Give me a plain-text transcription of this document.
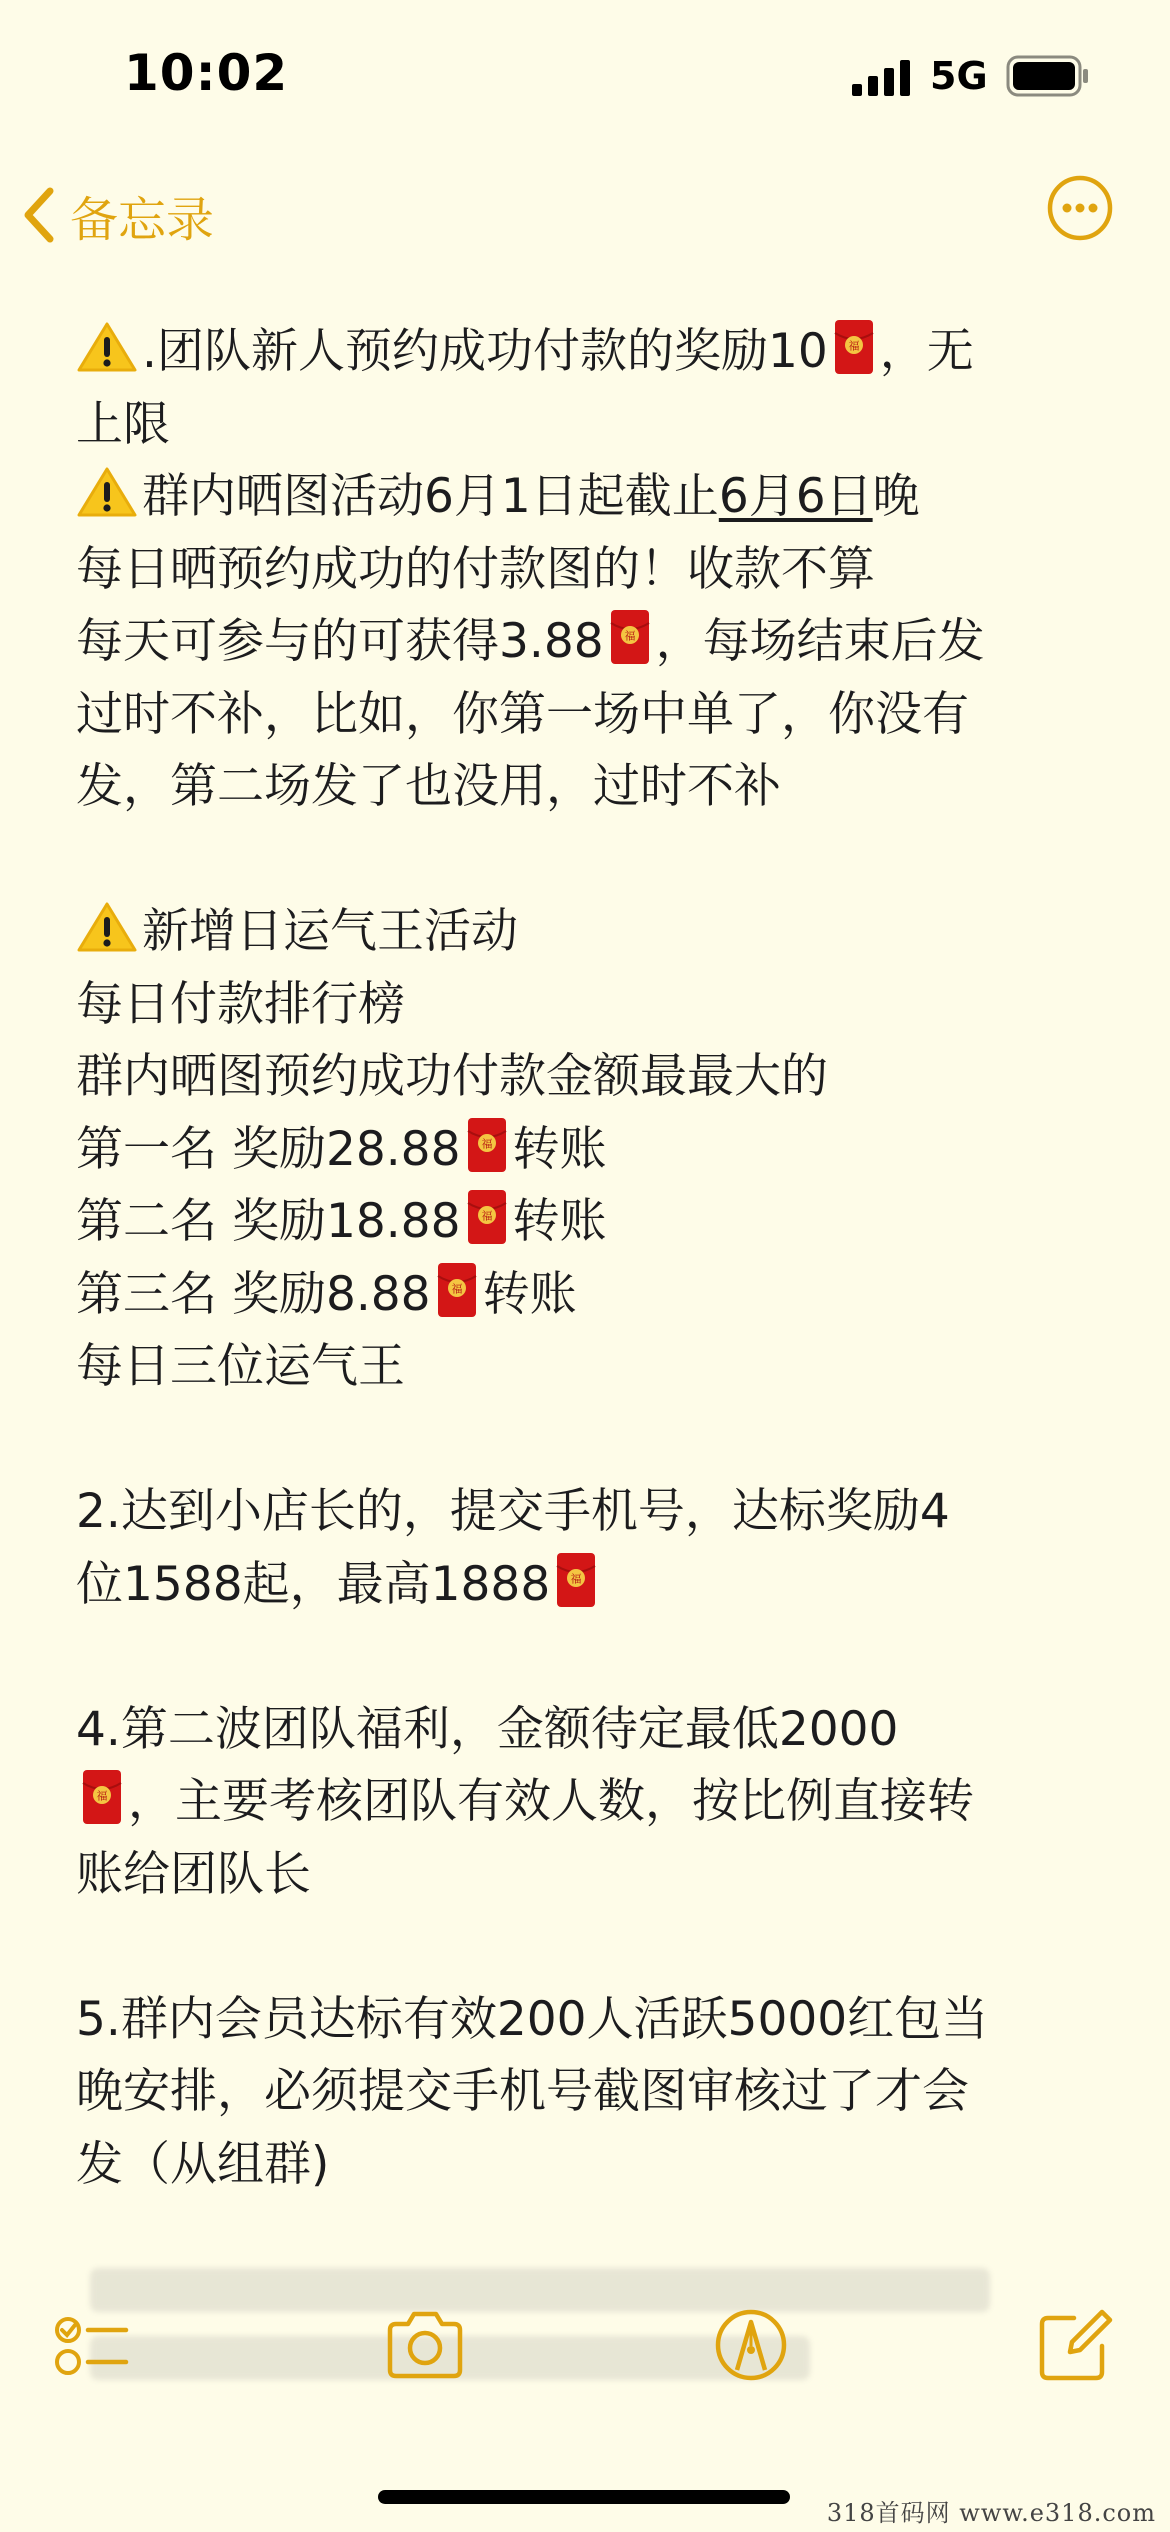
10:02	5G
备忘录
.团队新人预约成功付款的奖励10 福 ，无
上限
群内晒图活动6月1日起截止6月6日晚
每日晒预约成功的付款图的！收款不算
每天可参与的可获得3.88 福 ，每场结束后发
过时不补，比如，你第一场中单了，你没有
发，第二场发了也没用，过时不补
新增日运气王活动
每日付款排行榜
群内晒图预约成功付款金额最最大的
第一名 奖励28.88 福 转账
第二名 奖励18.88 福 转账
第三名 奖励8.88 福 转账
每日三位运气王
2.达到小店长的，提交手机号，达标奖励4
位1588起，最高1888 福
4.第二波团队福利，金额待定最低2000
福 ，主要考核团队有效人数，按比例直接转
账给团队长
5.群内会员达标有效200人活跃5000红包当
晚安排，必须提交手机号截图审核过了才会
发（从组群)
318首码网 www.e318.com
